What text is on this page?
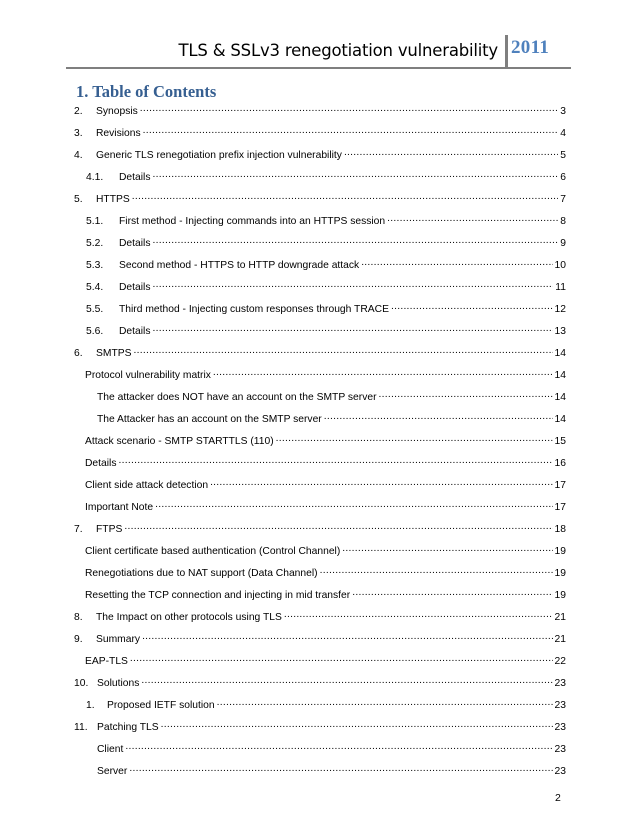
TLS & SSLv3 renegotiation vulnerability 2011
1. Table of Contents
2.	Synopsis . . .	3
3.	Revisions . . .	4
4.	Generic TLS renegotiation prefix injection vulnerability . . .	5
4.1.	Details . . .	6
5.	HTTPS . . .	7
5.1.	First method - Injecting commands into an HTTPS session . . .	8
5.2.	Details . . .	9
5.3.	Second method - HTTPS to HTTP downgrade attack . . .	10
5.4.	Details . . .	11
5.5.	Third method - Injecting custom responses through TRACE . . .	12
5.6.	Details . . .	13
6.	SMTPS . . .	14
Protocol vulnerability matrix . . .	14
The attacker does NOT have an account on the SMTP server . . .	14
The Attacker has an account on the SMTP server . . .	14
Attack scenario - SMTP STARTTLS (110) . . .	15
Details . . .	16
Client side attack detection . . .	17
Important Note . . .	17
7.	FTPS . . .	18
Client certificate based authentication (Control Channel) . . .	19
Renegotiations due to NAT support (Data Channel) . . .	19
Resetting the TCP connection and injecting in mid transfer . . .	19
8.	The Impact on other protocols using TLS . . .	21
9.	Summary . . .	21
EAP-TLS . . .	22
10. Solutions . . .	23
1.	Proposed IETF solution . . .	23
11. Patching TLS . . .	23
Client . . .	23
Server . . .	23
2
